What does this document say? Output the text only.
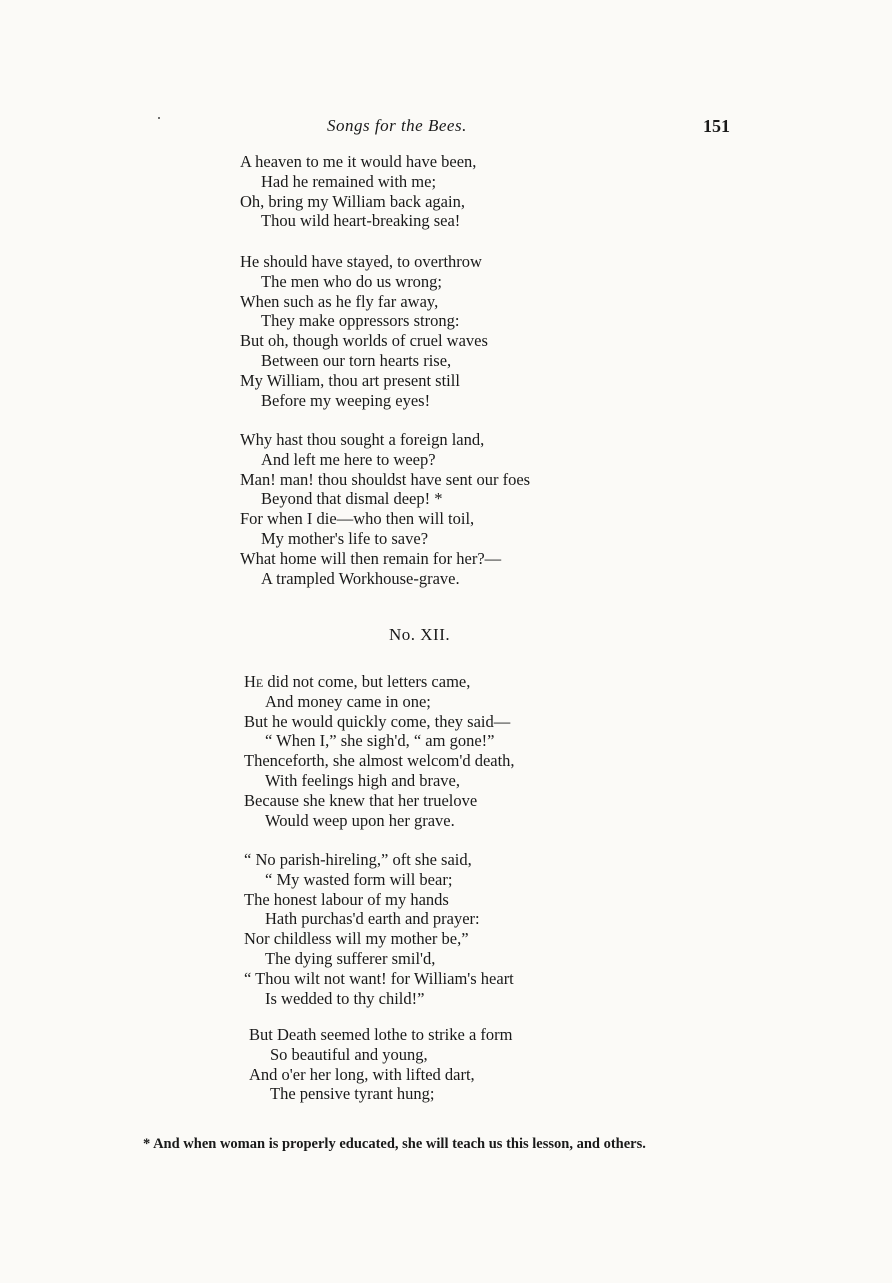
Songs for the Bees.	151
A heaven to me it would have been,
Had he remained with me;
Oh, bring my William back again,
Thou wild heart-breaking sea!
He should have stayed, to overthrow
The men who do us wrong;
When such as he fly far away,
They make oppressors strong:
But oh, though worlds of cruel waves
Between our torn hearts rise,
My William, thou art present still
Before my weeping eyes!
Why hast thou sought a foreign land,
And left me here to weep?
Man! man! thou shouldst have sent our foes
Beyond that dismal deep! *
For when I die—who then will toil,
My mother's life to save?
What home will then remain for her?—
A trampled Workhouse-grave.
No. XII.
He did not come, but letters came,
And money came in one;
But he would quickly come, they said—
“ When I,” she sigh'd, “ am gone!”
Thenceforth, she almost welcom'd death,
With feelings high and brave,
Because she knew that her truelove
Would weep upon her grave.
“ No parish-hireling,” oft she said,
“ My wasted form will bear;
The honest labour of my hands
Hath purchas'd earth and prayer:
Nor childless will my mother be,”
The dying sufferer smil'd,
“ Thou wilt not want! for William's heart
Is wedded to thy child!”
But Death seemed lothe to strike a form
So beautiful and young,
And o'er her long, with lifted dart,
The pensive tyrant hung;
* And when woman is properly educated, she will teach us this lesson, and others.
